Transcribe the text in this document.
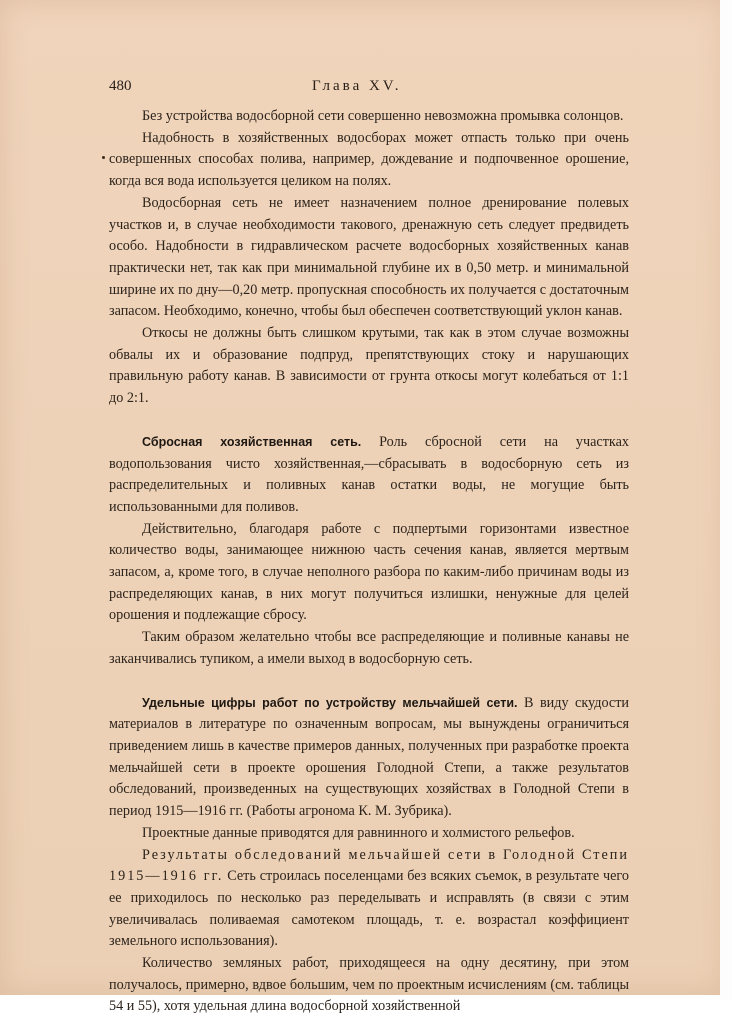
480	Глава XV.

Без устройства водосборной сети совершенно невозможна промывка солонцов.

Надобность в хозяйственных водосборах может отпасть только при очень совершенных способах полива, например, дождевание и подпочвенное орошение, когда вся вода используется целиком на полях.

Водосборная сеть не имеет назначением полное дренирование полевых участков и, в случае необходимости такового, дренажную сеть следует предвидеть особо. Надобности в гидравлическом расчете водосборных хозяйственных канав практически нет, так как при минимальной глубине их в 0,50 метр. и минимальной ширине их по дну—0,20 метр. пропускная способность их получается с достаточным запасом. Необходимо, конечно, чтобы был обеспечен соответствующий уклон канав.

Откосы не должны быть слишком крутыми, так как в этом случае возможны обвалы их и образование подпруд, препятствующих стоку и нарушающих правильную работу канав. В зависимости от грунта откосы могут колебаться от 1:1 до 2:1.

Сбросная хозяйственная сеть. Роль сбросной сети на участках водопользования чисто хозяйственная,—сбрасывать в водосборную сеть из распределительных и поливных канав остатки воды, не могущие быть использованными для поливов.

Действительно, благодаря работе с подпертыми горизонтами известное количество воды, занимающее нижнюю часть сечения канав, является мертвым запасом, а, кроме того, в случае неполного разбора по каким-либо причинам воды из распределяющих канав, в них могут получиться излишки, ненужные для целей орошения и подлежащие сбросу.

Таким образом желательно чтобы все распределяющие и поливные канавы не заканчивались тупиком, а имели выход в водосборную сеть.

Удельные цифры работ по устройству мельчайшей сети. В виду скудости материалов в литературе по означенным вопросам, мы вынуждены ограничиться приведением лишь в качестве примеров данных, полученных при разработке проекта мельчайшей сети в проекте орошения Голодной Степи, а также результатов обследований, произведенных на существующих хозяйствах в Голодной Степи в период 1915—1916 гг. (Работы агронома К. М. Зубрика).

Проектные данные приводятся для равнинного и холмистого рельефов.

Результаты обследований мельчайшей сети в Голодной Степи 1915—1916 гг. Сеть строилась поселенцами без всяких съемок, в результате чего ее приходилось по несколько раз переделывать и исправлять (в связи с этим увеличивалась поливаемая самотеком площадь, т. е. возрастал коэффициент земельного использования).

Количество земляных работ, приходящееся на одну десятину, при этом получалось, примерно, вдвое большим, чем по проектным исчислениям (см. таблицы 54 и 55), хотя удельная длина водосборной хозяйственной
